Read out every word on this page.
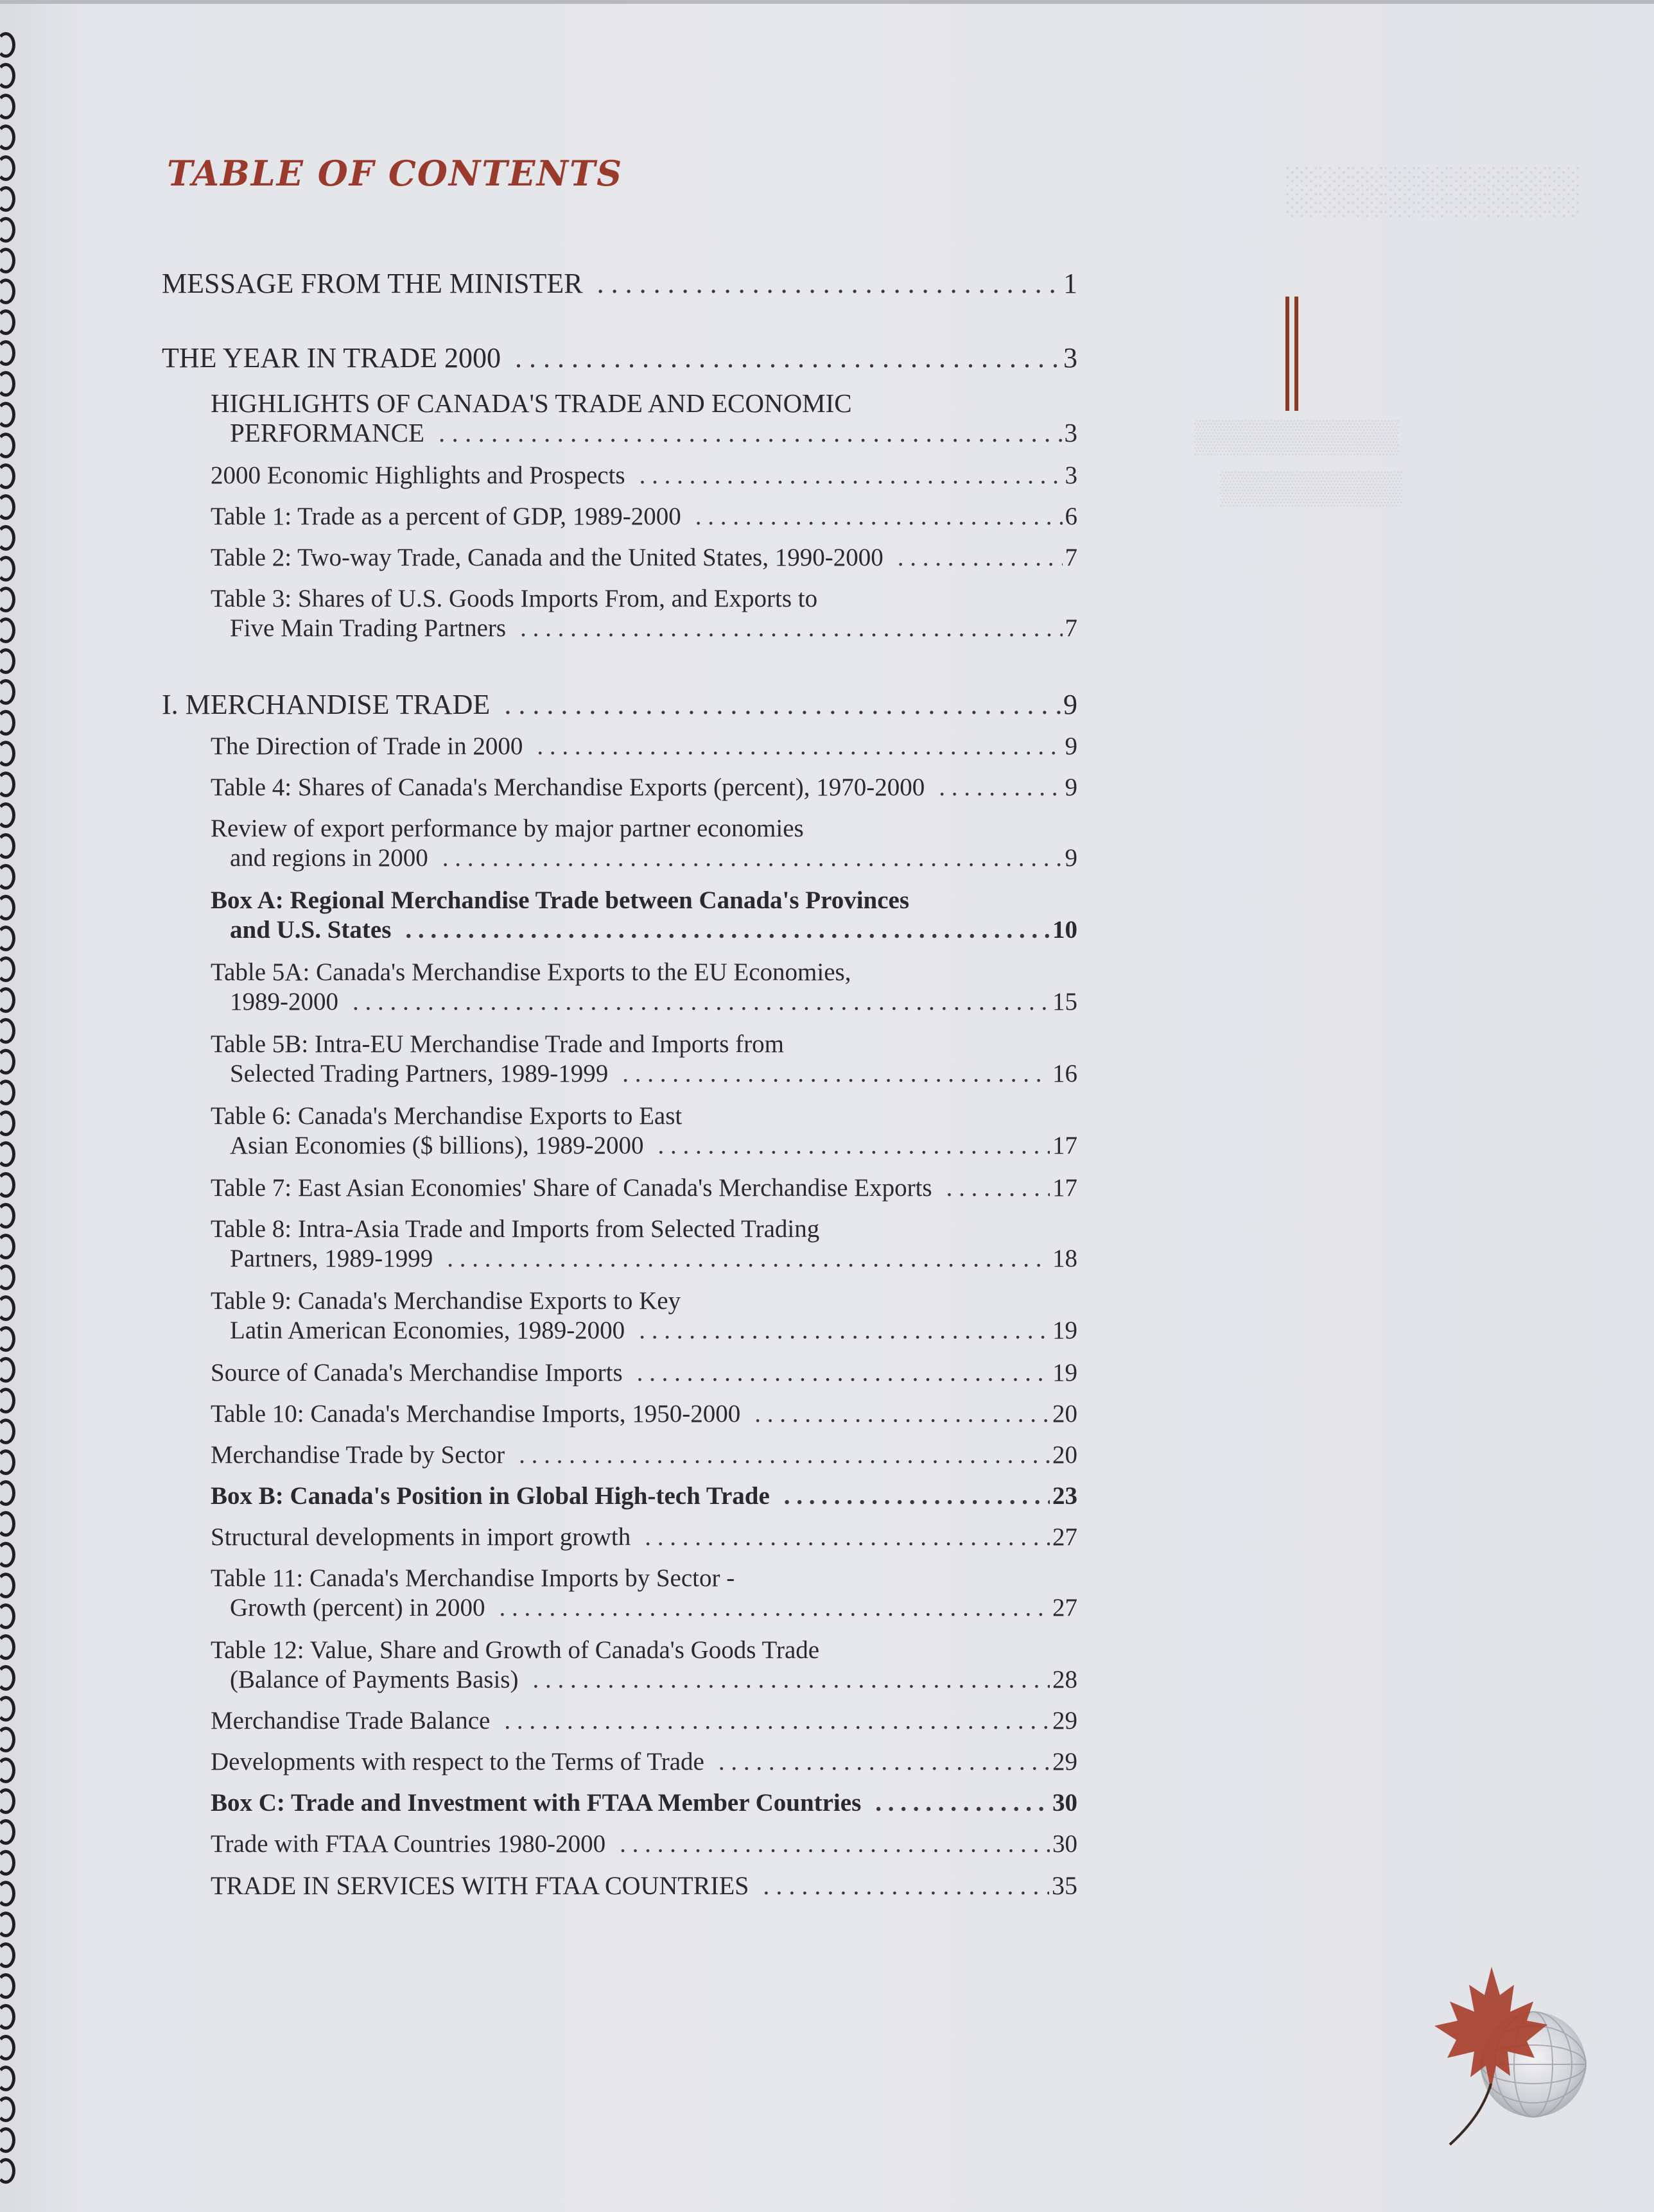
░░░░░░░░░
▒▒▒▒▒▒▒▒▒
▒▒▒▒▒▒▒▒
TABLE OF CONTENTS
MESSAGE FROM THE MINISTER . . .	1
THE YEAR IN TRADE 2000 . . .	3
HIGHLIGHTS OF CANADA'S TRADE AND ECONOMIC
PERFORMANCE . . .	3
2000 Economic Highlights and Prospects . . .	3
Table 1: Trade as a percent of GDP, 1989-2000 . . .	6
Table 2: Two-way Trade, Canada and the United States, 1990-2000 . . .	7
Table 3: Shares of U.S. Goods Imports From, and Exports to
Five Main Trading Partners . . .	7
I. MERCHANDISE TRADE . . .	9
The Direction of Trade in 2000 . . .	9
Table 4: Shares of Canada's Merchandise Exports (percent), 1970-2000 . . .	9
Review of export performance by major partner economies
and regions in 2000 . . .	9
Box A: Regional Merchandise Trade between Canada's Provinces
and U.S. States . . .	10
Table 5A: Canada's Merchandise Exports to the EU Economies,
1989-2000 . . .	15
Table 5B: Intra-EU Merchandise Trade and Imports from
Selected Trading Partners, 1989-1999 . . .	16
Table 6: Canada's Merchandise Exports to East
Asian Economies ($ billions), 1989-2000 . . .	17
Table 7: East Asian Economies' Share of Canada's Merchandise Exports . . .	17
Table 8: Intra-Asia Trade and Imports from Selected Trading
Partners, 1989-1999 . . .	18
Table 9: Canada's Merchandise Exports to Key
Latin American Economies, 1989-2000 . . .	19
Source of Canada's Merchandise Imports . . .	19
Table 10: Canada's Merchandise Imports, 1950-2000 . . .	20
Merchandise Trade by Sector . . .	20
Box B: Canada's Position in Global High-tech Trade . . .	23
Structural developments in import growth . . .	27
Table 11: Canada's Merchandise Imports by Sector -
Growth (percent) in 2000 . . .	27
Table 12: Value, Share and Growth of Canada's Goods Trade
(Balance of Payments Basis) . . .	28
Merchandise Trade Balance . . .	29
Developments with respect to the Terms of Trade . . .	29
Box C: Trade and Investment with FTAA Member Countries . . .	30
Trade with FTAA Countries 1980-2000 . . .	30
TRADE IN SERVICES WITH FTAA COUNTRIES . . .	35
